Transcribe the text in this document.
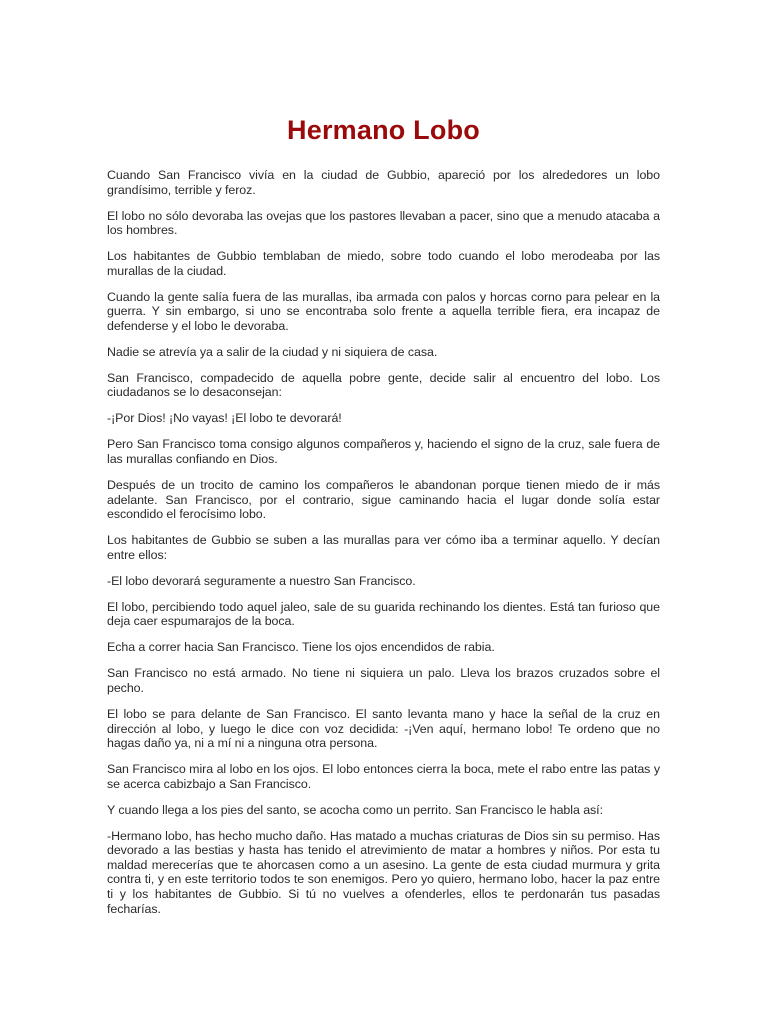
Hermano Lobo

Cuando San Francisco vivía en la ciudad de Gubbio, apareció por los alrededores un lobo grandísimo, terrible y feroz.

El lobo no sólo devoraba las ovejas que los pastores llevaban a pacer, sino que a menudo atacaba a los hombres.

Los habitantes de Gubbio temblaban de miedo, sobre todo cuando el lobo merodeaba por las murallas de la ciudad.

Cuando la gente salía fuera de las murallas, iba armada con palos y horcas corno para pelear en la guerra. Y sin embargo, si uno se encontraba solo frente a aquella terrible fiera, era incapaz de defenderse y el lobo le devoraba.

Nadie se atrevía ya a salir de la ciudad y ni siquiera de casa.

San Francisco, compadecido de aquella pobre gente, decide salir al encuentro del lobo. Los ciudadanos se lo desaconsejan:

-¡Por Dios! ¡No vayas! ¡El lobo te devorará!

Pero San Francisco toma consigo algunos compañeros y, haciendo el signo de la cruz, sale fuera de las murallas confiando en Dios.

Después de un trocito de camino los compañeros le abandonan porque tienen miedo de ir más adelante. San Francisco, por el contrario, sigue caminando hacia el lugar donde solía estar escondido el ferocísimo lobo.

Los habitantes de Gubbio se suben a las murallas para ver cómo iba a terminar aquello. Y decían entre ellos:

-El lobo devorará seguramente a nuestro San Francisco.

El lobo, percibiendo todo aquel jaleo, sale de su guarida rechinando los dientes. Está tan furioso que deja caer espumarajos de la boca.

Echa a correr hacia San Francisco. Tiene los ojos encendidos de rabia.

San Francisco no está armado. No tiene ni siquiera un palo. Lleva los brazos cruzados sobre el pecho.

El lobo se para delante de San Francisco. El santo levanta mano y hace la señal de la cruz en dirección al lobo, y luego le dice con voz decidida: -¡Ven aquí, hermano lobo! Te ordeno que no hagas daño ya, ni a mí ni a ninguna otra persona.

San Francisco mira al lobo en los ojos. El lobo entonces cierra la boca, mete el rabo entre las patas y se acerca cabizbajo a San Francisco.

Y cuando llega a los pies del santo, se acocha como un perrito. San Francisco le habla así:

-Hermano lobo, has hecho mucho daño. Has matado a muchas criaturas de Dios sin su permiso. Has devorado a las bestias y hasta has tenido el atrevimiento de matar a hombres y niños. Por esta tu maldad merecerías que te ahorcasen como a un asesino. La gente de esta ciudad murmura y grita contra ti, y en este territorio todos te son enemigos. Pero yo quiero, hermano lobo, hacer la paz entre ti y los habitantes de Gubbio. Si tú no vuelves a ofenderles, ellos te perdonarán tus pasadas fecharías.
